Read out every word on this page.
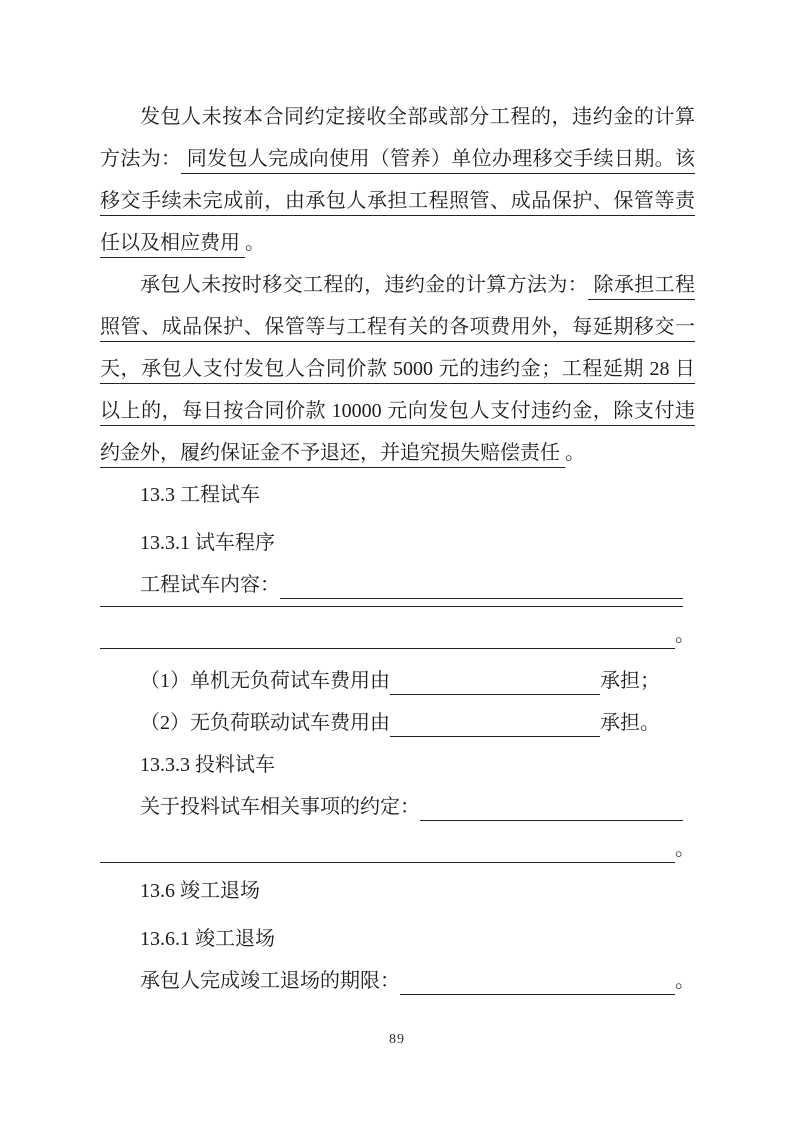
发包人未按本合同约定接收全部或部分工程的，违约金的计算
方法为： 同发包人完成向使用（管养）单位办理移交手续日期。该
移交手续未完成前，由承包人承担工程照管、成品保护、保管等责
任以及相应费用 。
承包人未按时移交工程的，违约金的计算方法为： 除承担工程
照管、成品保护、保管等与工程有关的各项费用外，每延期移交一
天，承包人支付发包人合同价款 5000 元的违约金；工程延期 28 日
以上的，每日按合同价款 10000 元向发包人支付违约金，除支付违
约金外，履约保证金不予退还，并追究损失赔偿责任 。
13.3 工程试车
13.3.1 试车程序
工程试车内容：
。
（1）单机无负荷试车费用由	承担；
（2）无负荷联动试车费用由	承担。
13.3.3 投料试车
关于投料试车相关事项的约定：
。
13.6 竣工退场
13.6.1 竣工退场
承包人完成竣工退场的期限：	。
89
